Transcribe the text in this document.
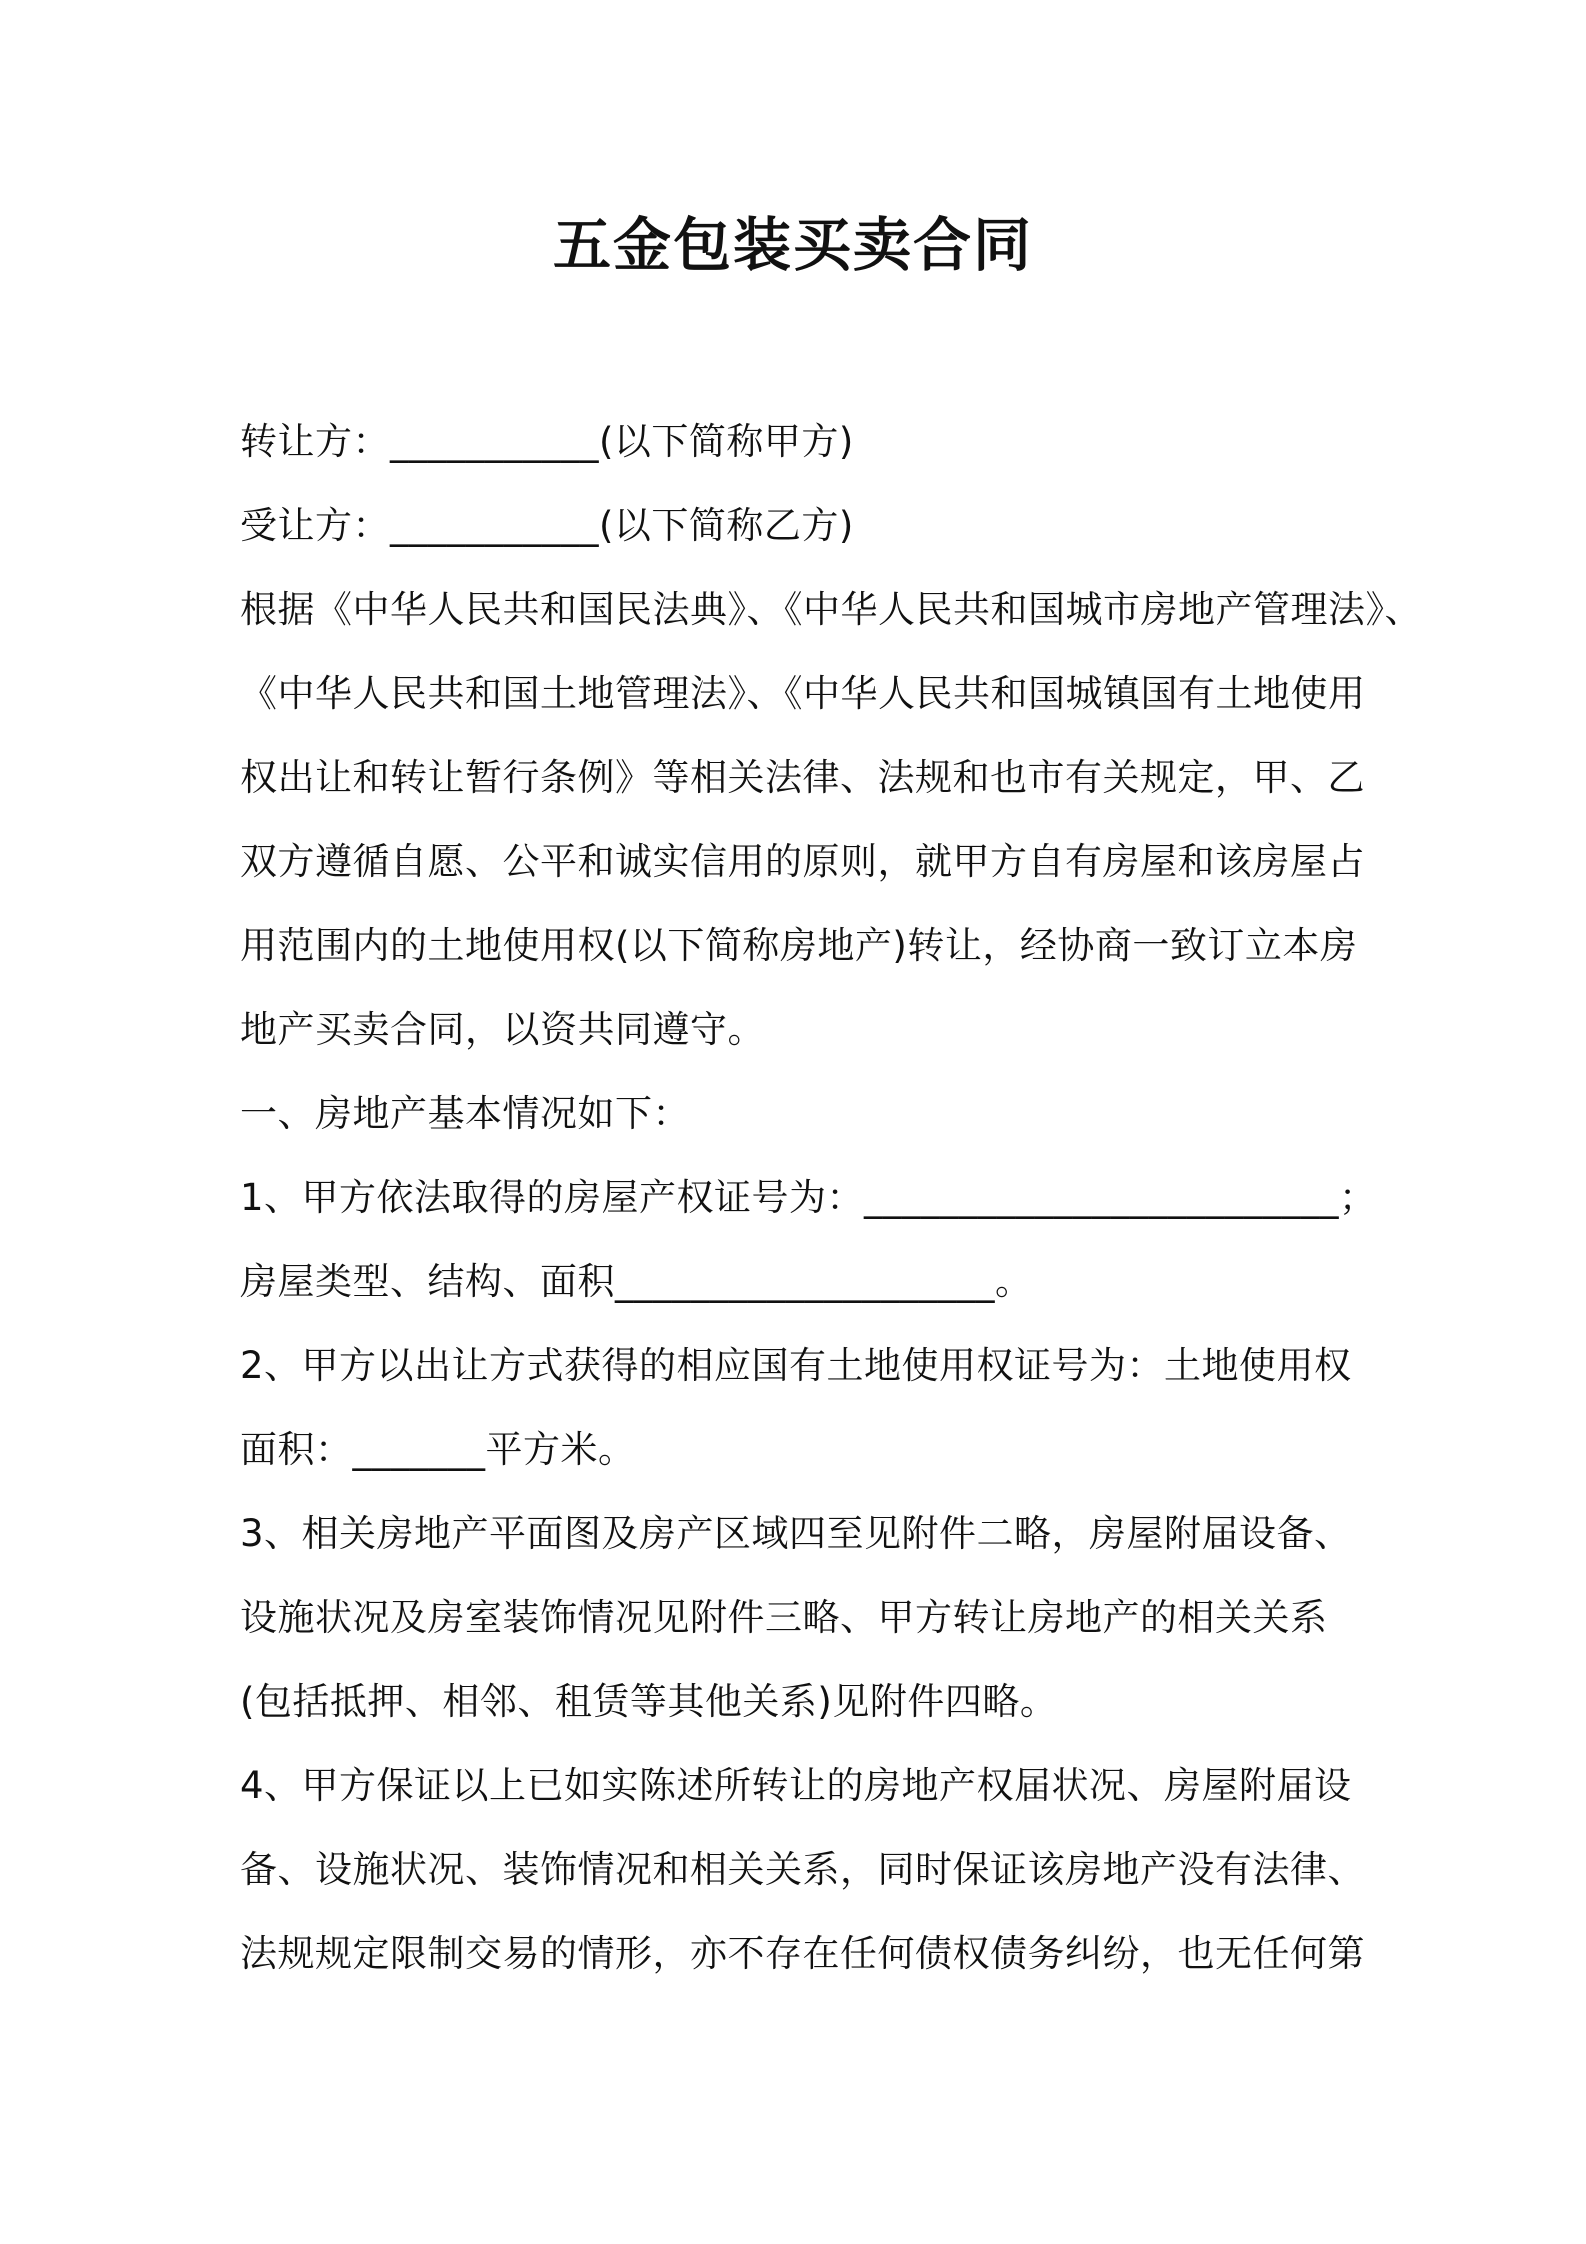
五金包装买卖合同
转让方：___________(以下简称甲方)
受让方：___________(以下简称乙方)
根据《中华人民共和国民法典》、《中华人民共和国城市房地产管理法》、
《中华人民共和国土地管理法》、《中华人民共和国城镇国有土地使用
权出让和转让暂行条例》等相关法律、法规和也市有关规定，甲、乙
双方遵循自愿、公平和诚实信用的原则，就甲方自有房屋和该房屋占
用范围内的土地使用权(以下简称房地产)转让，经协商一致订立本房
地产买卖合同，以资共同遵守。
一、房地产基本情况如下：
1、甲方依法取得的房屋产权证号为：_________________________；
房屋类型、结构、面积____________________。
2、甲方以出让方式获得的相应国有土地使用权证号为：土地使用权
面积：_______平方米。
3、相关房地产平面图及房产区域四至见附件二略，房屋附届设备、
设施状况及房室装饰情况见附件三略、甲方转让房地产的相关关系
(包括抵押、相邻、租赁等其他关系)见附件四略。
4、甲方保证以上已如实陈述所转让的房地产权届状况、房屋附届设
备、设施状况、装饰情况和相关关系，同时保证该房地产没有法律、
法规规定限制交易的情形，亦不存在任何债权债务纠纷，也无任何第
